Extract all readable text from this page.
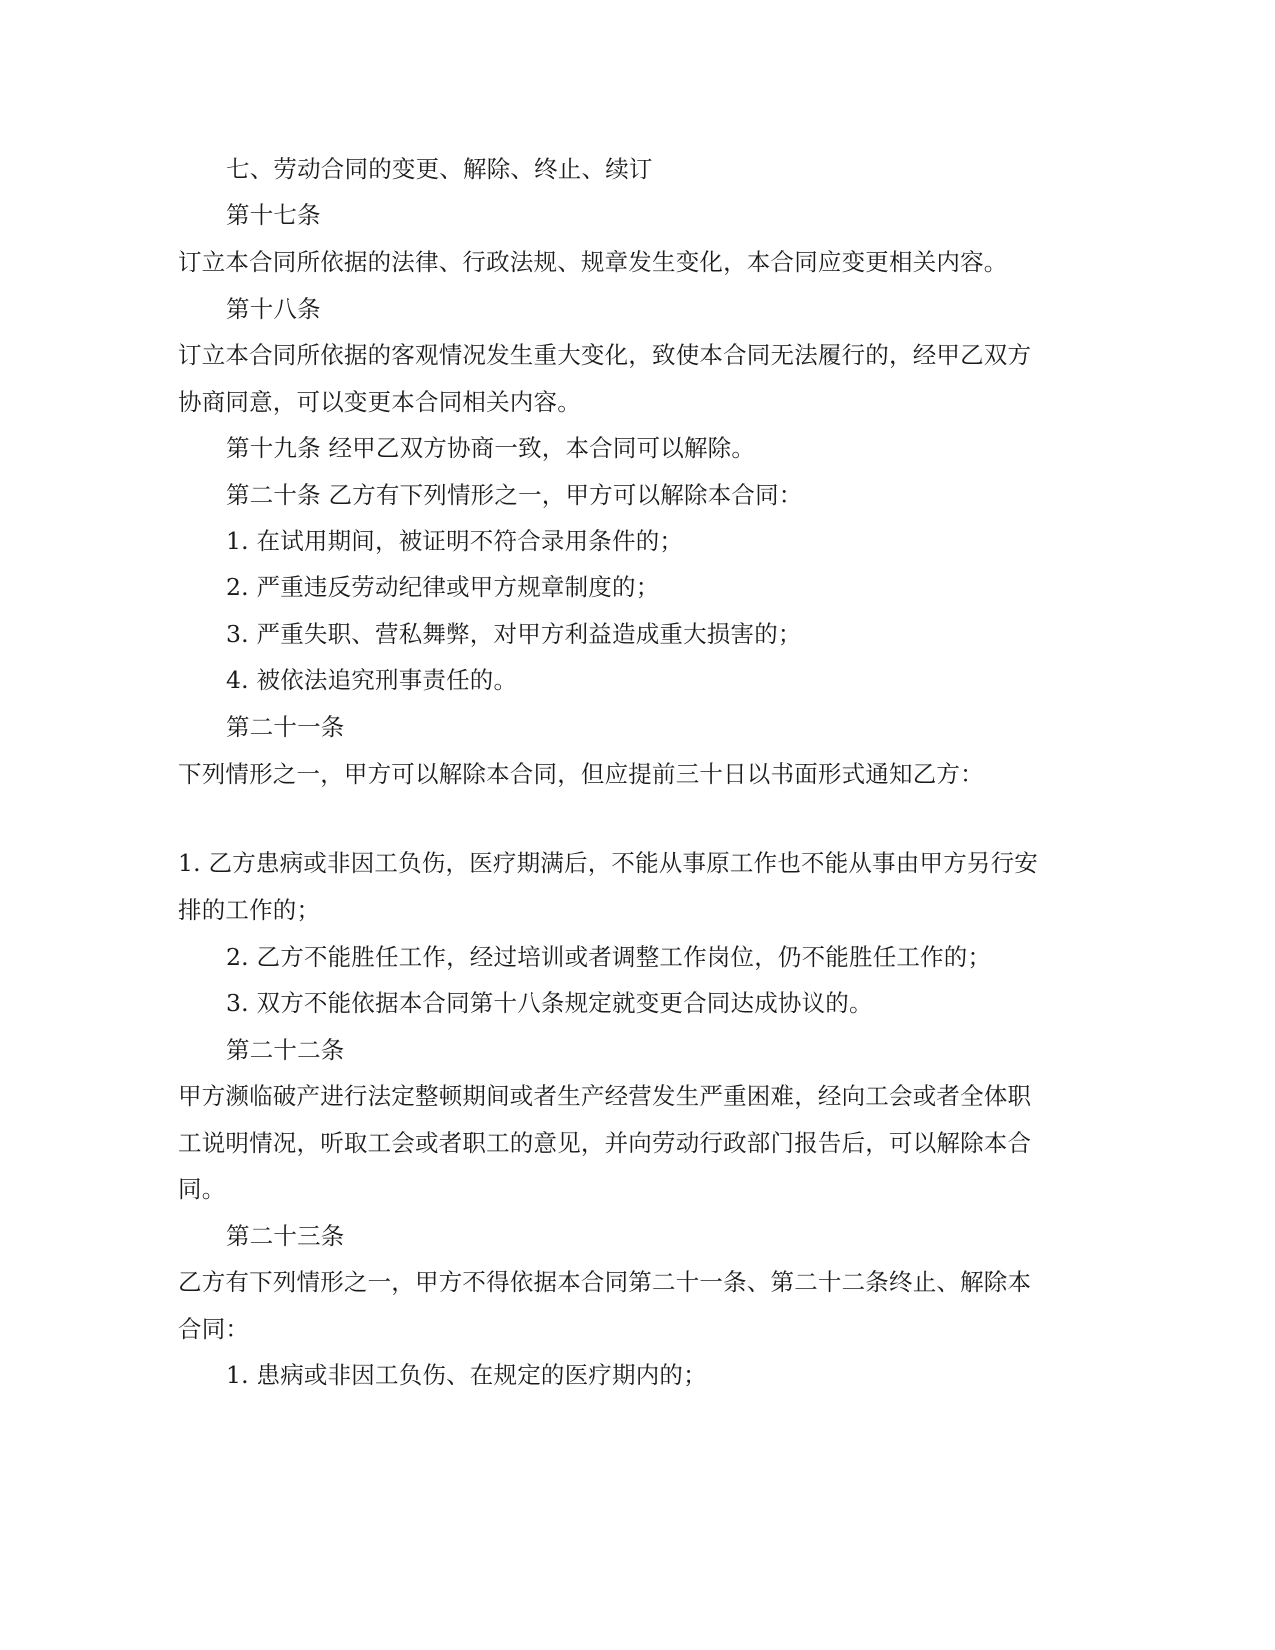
七、劳动合同的变更、解除、终止、续订
第十七条
订立本合同所依据的法律、行政法规、规章发生变化，本合同应变更相关内容。
第十八条
订立本合同所依据的客观情况发生重大变化，致使本合同无法履行的，经甲乙双方
协商同意，可以变更本合同相关内容。
第十九条 经甲乙双方协商一致，本合同可以解除。
第二十条 乙方有下列情形之一，甲方可以解除本合同：
1. 在试用期间，被证明不符合录用条件的；
2. 严重违反劳动纪律或甲方规章制度的；
3. 严重失职、营私舞弊，对甲方利益造成重大损害的；
4. 被依法追究刑事责任的。
第二十一条
下列情形之一，甲方可以解除本合同，但应提前三十日以书面形式通知乙方：
1. 乙方患病或非因工负伤，医疗期满后，不能从事原工作也不能从事由甲方另行安
排的工作的；
2. 乙方不能胜任工作，经过培训或者调整工作岗位，仍不能胜任工作的；
3. 双方不能依据本合同第十八条规定就变更合同达成协议的。
第二十二条
甲方濒临破产进行法定整顿期间或者生产经营发生严重困难，经向工会或者全体职
工说明情况，听取工会或者职工的意见，并向劳动行政部门报告后，可以解除本合
同。
第二十三条
乙方有下列情形之一，甲方不得依据本合同第二十一条、第二十二条终止、解除本
合同：
1. 患病或非因工负伤、在规定的医疗期内的；
